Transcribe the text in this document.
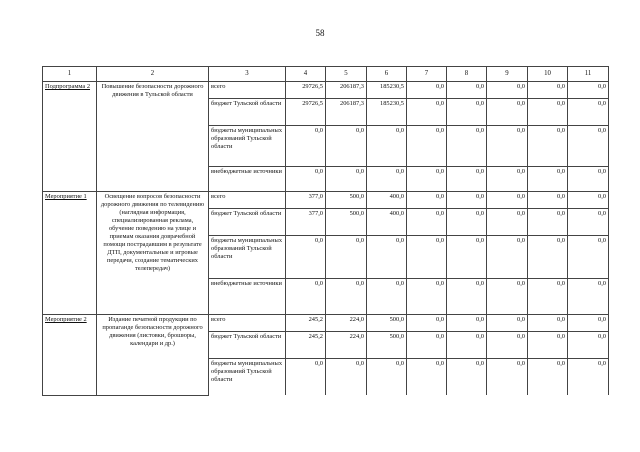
58
1	2	3	4	5	6	7	8	9	10	11
Подпрограмма 2	Повышение безопасности дорожного движения в Тульской области	всего	29726,5	206187,3	185230,5	0,0	0,0	0,0	0,0	0,0
		бюджет Тульской области	29726,5	206187,3	185230,5	0,0	0,0	0,0	0,0	0,0
		бюджеты муниципальных образований Тульской области	0,0	0,0	0,0	0,0	0,0	0,0	0,0	0,0
		внебюджетные источники	0,0	0,0	0,0	0,0	0,0	0,0	0,0	0,0
Мероприятие 1	Освещение вопросов безопасности дорожного движения по телевидению (наглядная информация, специализированная реклама, обучение поведению на улице и приемам оказания доврачебной помощи пострадавшим в результате ДТП, документальные и игровые передачи, создание тематических телепередач)	всего	377,0	500,0	400,0	0,0	0,0	0,0	0,0	0,0
		бюджет Тульской области	377,0	500,0	400,0	0,0	0,0	0,0	0,0	0,0
		бюджеты муниципальных образований Тульской области	0,0	0,0	0,0	0,0	0,0	0,0	0,0	0,0
		внебюджетные источники	0,0	0,0	0,0	0,0	0,0	0,0	0,0	0,0
Мероприятие 2	Издание печатной продукции по пропаганде безопасности дорожного движения (листовки, брошюры, календари и др.)	всего	245,2	224,0	500,0	0,0	0,0	0,0	0,0	0,0
		бюджет Тульской области	245,2	224,0	500,0	0,0	0,0	0,0	0,0	0,0
		бюджеты муниципальных образований Тульской области	0,0	0,0	0,0	0,0	0,0	0,0	0,0	0,0
